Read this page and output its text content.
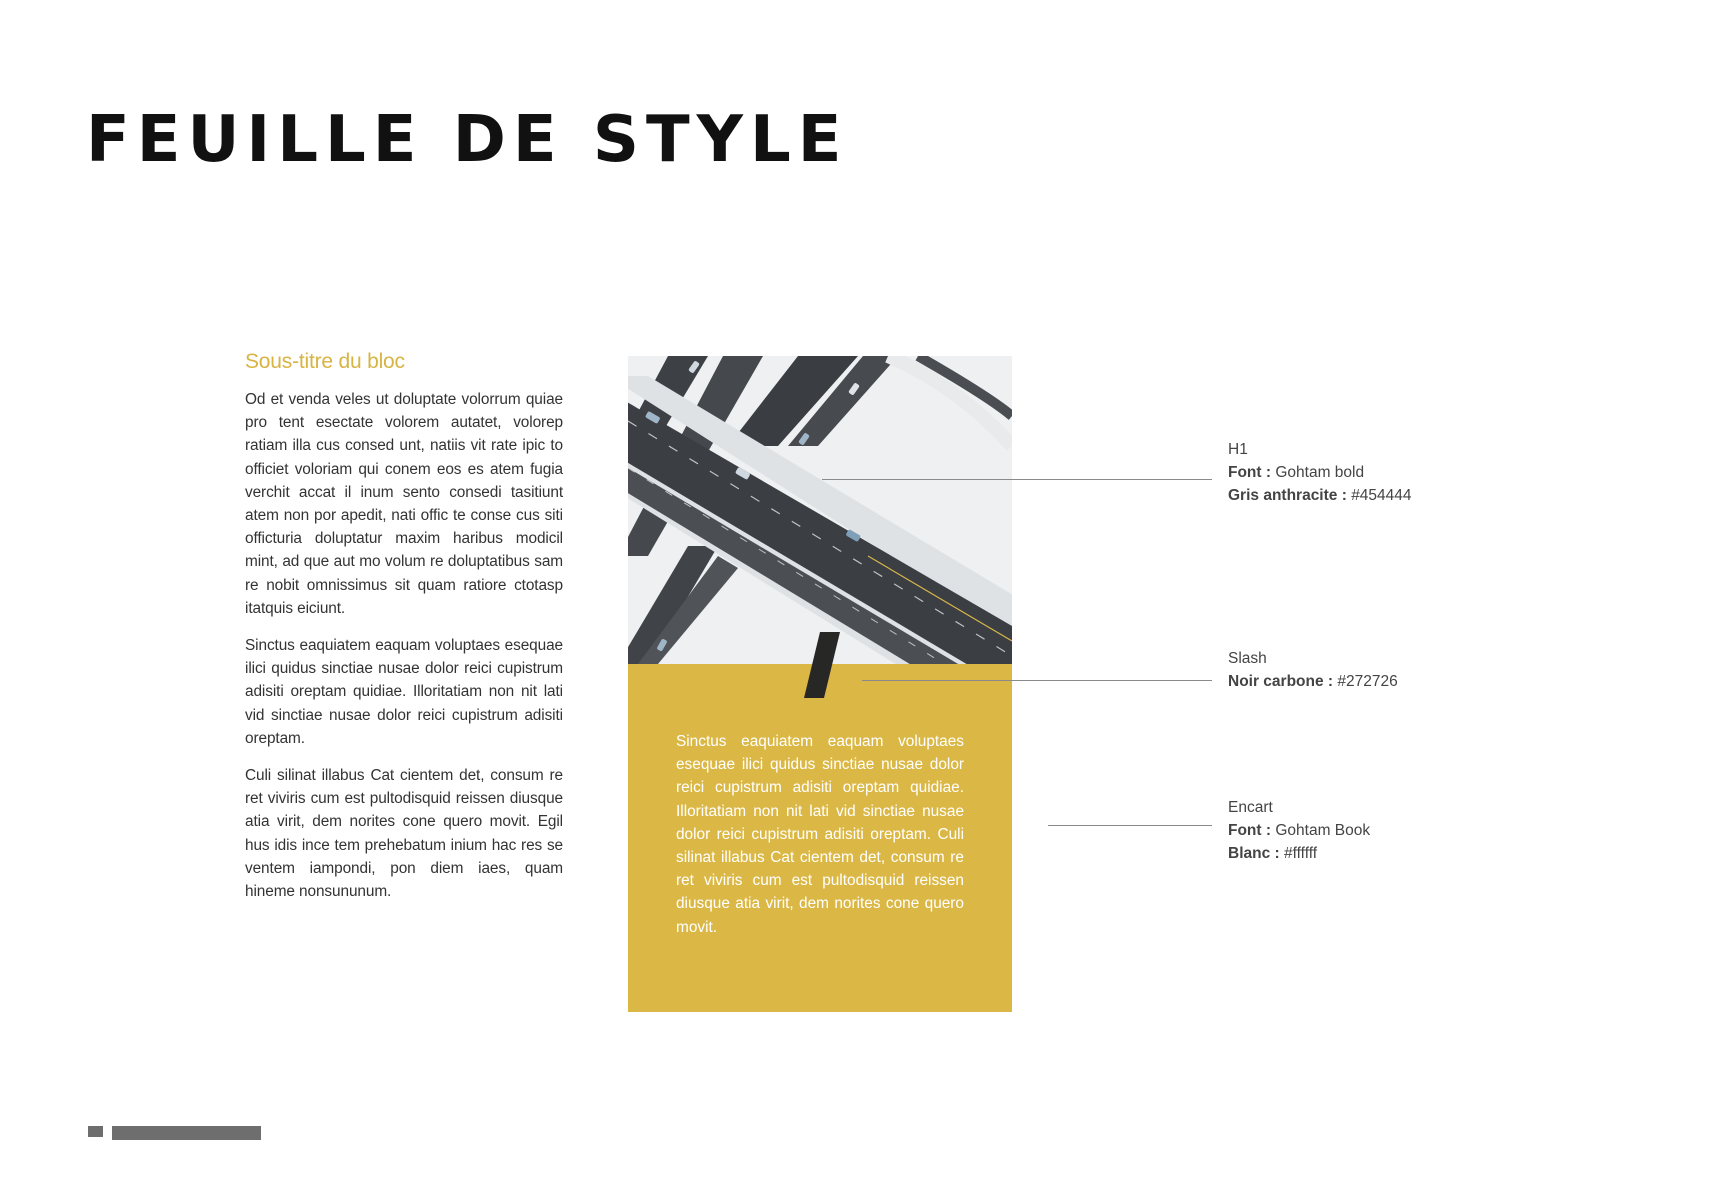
FEUILLE DE STYLE
Sous-titre du bloc

Od et venda veles ut doluptate volorrum quiae pro tent esectate volorem autatet, volorep ratiam illa cus consed unt, natiis vit rate ipic to officiet voloriam qui conem eos es atem fugia verchit accat il inum sento consedi tasitiunt atem non por apedit, nati offic te conse cus siti officturia doluptatur maxim haribus modicil mint, ad que aut mo volum re doluptatibus sam re nobit omnissimus sit quam ratiore ctotasp itatquis eiciunt.

Sinctus eaquiatem eaquam voluptaes esequae ilici quidus sinctiae nusae dolor reici cupistrum adisiti oreptam quidiae. Illoritatiam non nit lati vid sinctiae nusae dolor reici cupistrum adisiti oreptam.

Culi silinat illabus Cat cientem det, consum re ret viviris cum est pultodisquid reissen diusque atia virit, dem norites cone quero movit. Egil hus idis ince tem prehebatum inium hac res se ventem iampondi, pon diem iaes, quam hineme nonsununum.

Sinctus eaquiatem eaquam voluptaes esequae ilici quidus sinctiae nusae dolor reici cupistrum adisiti oreptam quidiae. Illoritatiam non nit lati vid sinctiae nusae dolor reici cupistrum adisiti oreptam. Culi silinat illabus Cat cientem det, consum re ret viviris cum est pultodisquid reissen diusque atia virit, dem norites cone quero movit.

H1
Font : Gohtam bold
Gris anthracite : #454444
Slash
Noir carbone : #272726
Encart
Font : Gohtam Book
Blanc : #ffffff
